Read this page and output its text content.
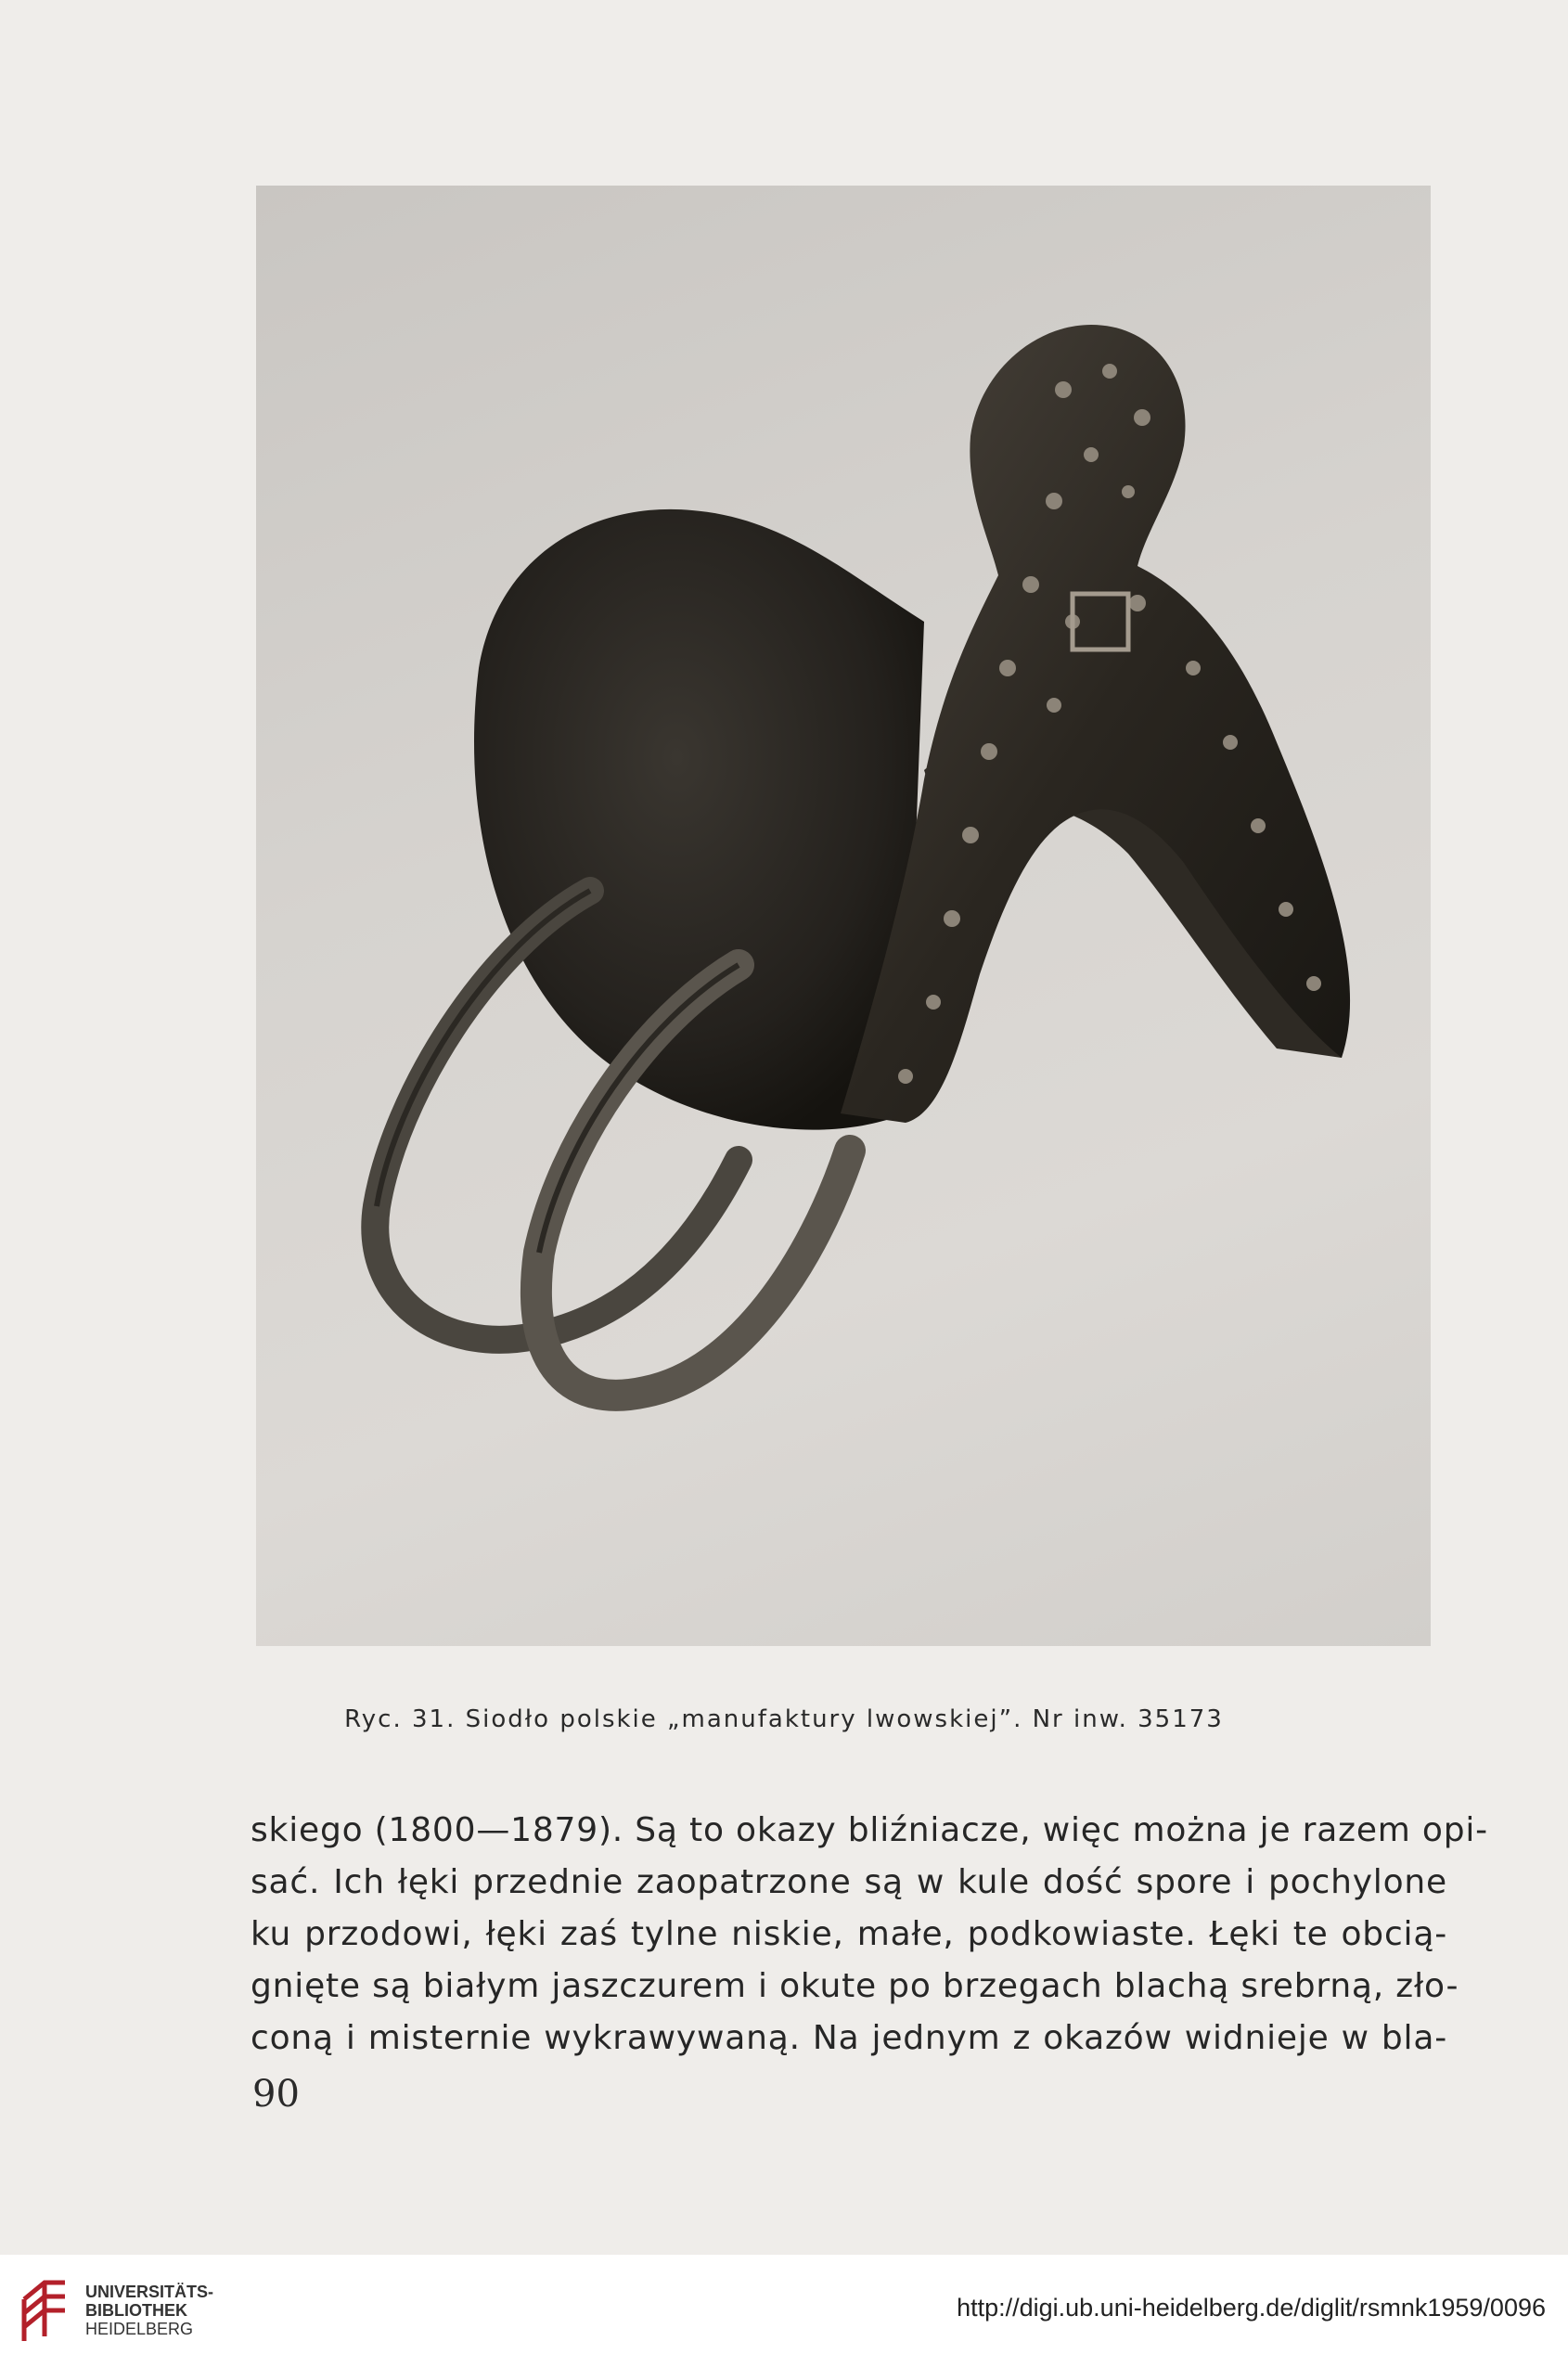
Ryc. 31. Siodło polskie „manufaktury lwowskiej”. Nr inw. 35173
skiego (1800—1879). Są to okazy bliźniacze, więc można je razem opi-
sać. Ich łęki przednie zaopatrzone są w kule dość spore i pochylone
ku przodowi, łęki zaś tylne niskie, małe, podkowiaste. Łęki te obcią-
gnięte są białym jaszczurem i okute po brzegach blachą srebrną, zło-
coną i misternie wykrawywaną. Na jednym z okazów widnieje w bla-
90
UNIVERSITÄTS-
BIBLIOTHEK
HEIDELBERG
http://digi.ub.uni-heidelberg.de/diglit/rsmnk1959/0096
